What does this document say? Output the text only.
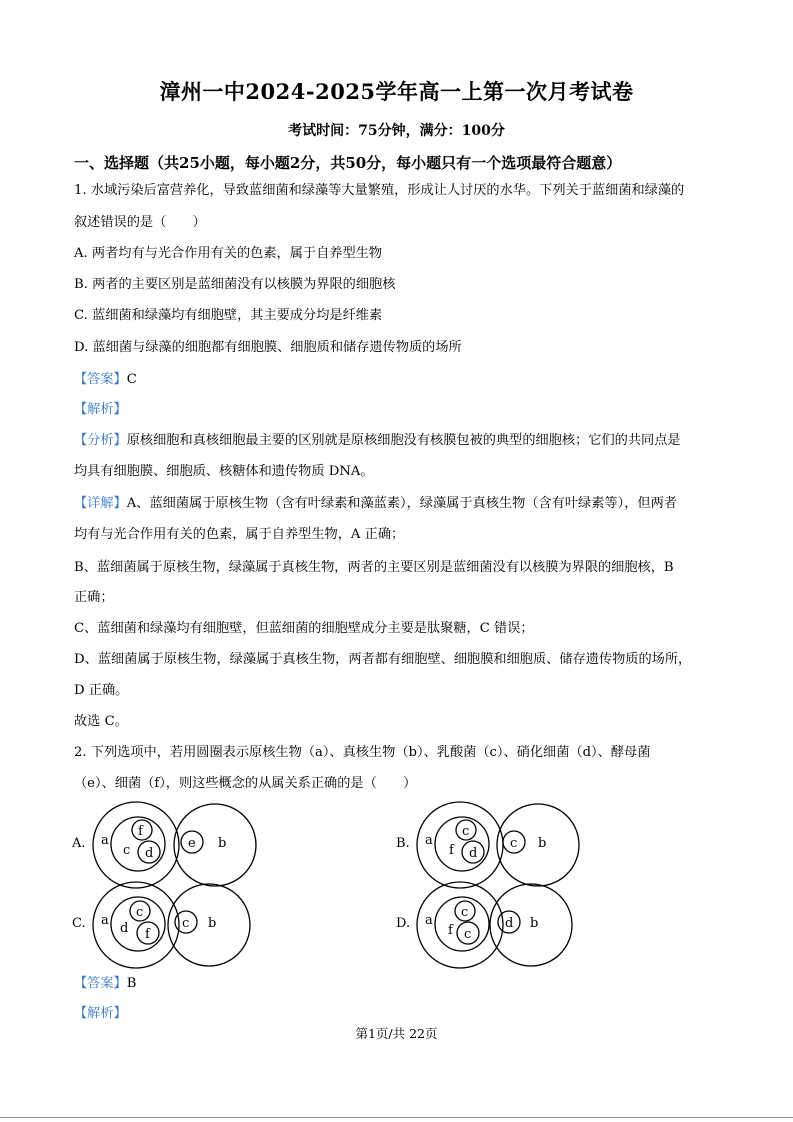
漳州一中2024-2025学年高一上第一次月考试卷
考试时间：75分钟，满分：100分
一、选择题（共25小题，每小题2分，共50分，每小题只有一个选项最符合题意）
1. 水域污染后富营养化，导致蓝细菌和绿藻等大量繁殖，形成让人讨厌的水华。下列关于蓝细菌和绿藻的
叙述错误的是（　　）
A. 两者均有与光合作用有关的色素，属于自养型生物
B. 两者的主要区别是蓝细菌没有以核膜为界限的细胞核
C. 蓝细菌和绿藻均有细胞壁，其主要成分均是纤维素
D. 蓝细菌与绿藻的细胞都有细胞膜、细胞质和储存遗传物质的场所
【答案】C
【解析】
【分析】原核细胞和真核细胞最主要的区别就是原核细胞没有核膜包被的典型的细胞核；它们的共同点是
均具有细胞膜、细胞质、核糖体和遗传物质 DNA。
【详解】A、蓝细菌属于原核生物（含有叶绿素和藻蓝素），绿藻属于真核生物（含有叶绿素等），但两者
均有与光合作用有关的色素，属于自养型生物，A 正确；
B、蓝细菌属于原核生物，绿藻属于真核生物，两者的主要区别是蓝细菌没有以核膜为界限的细胞核，B
正确；
C、蓝细菌和绿藻均有细胞壁，但蓝细菌的细胞壁成分主要是肽聚糖，C 错误；
D、蓝细菌属于原核生物，绿藻属于真核生物，两者都有细胞壁、细胞膜和细胞质、储存遗传物质的场所，
D 正确。
故选 C。
2. 下列选项中，若用圆圈表示原核生物（a）、真核生物（b）、乳酸菌（c）、硝化细菌（d）、酵母菌
（e）、细菌（f），则这些概念的从属关系正确的是（　　）
A. a
c
f
d
e b	B. a
f
c
d
c b
C. a
d
c
f
c b	D. a
f
c
c
d b
【答案】B
【解析】
第1页/共 22页
